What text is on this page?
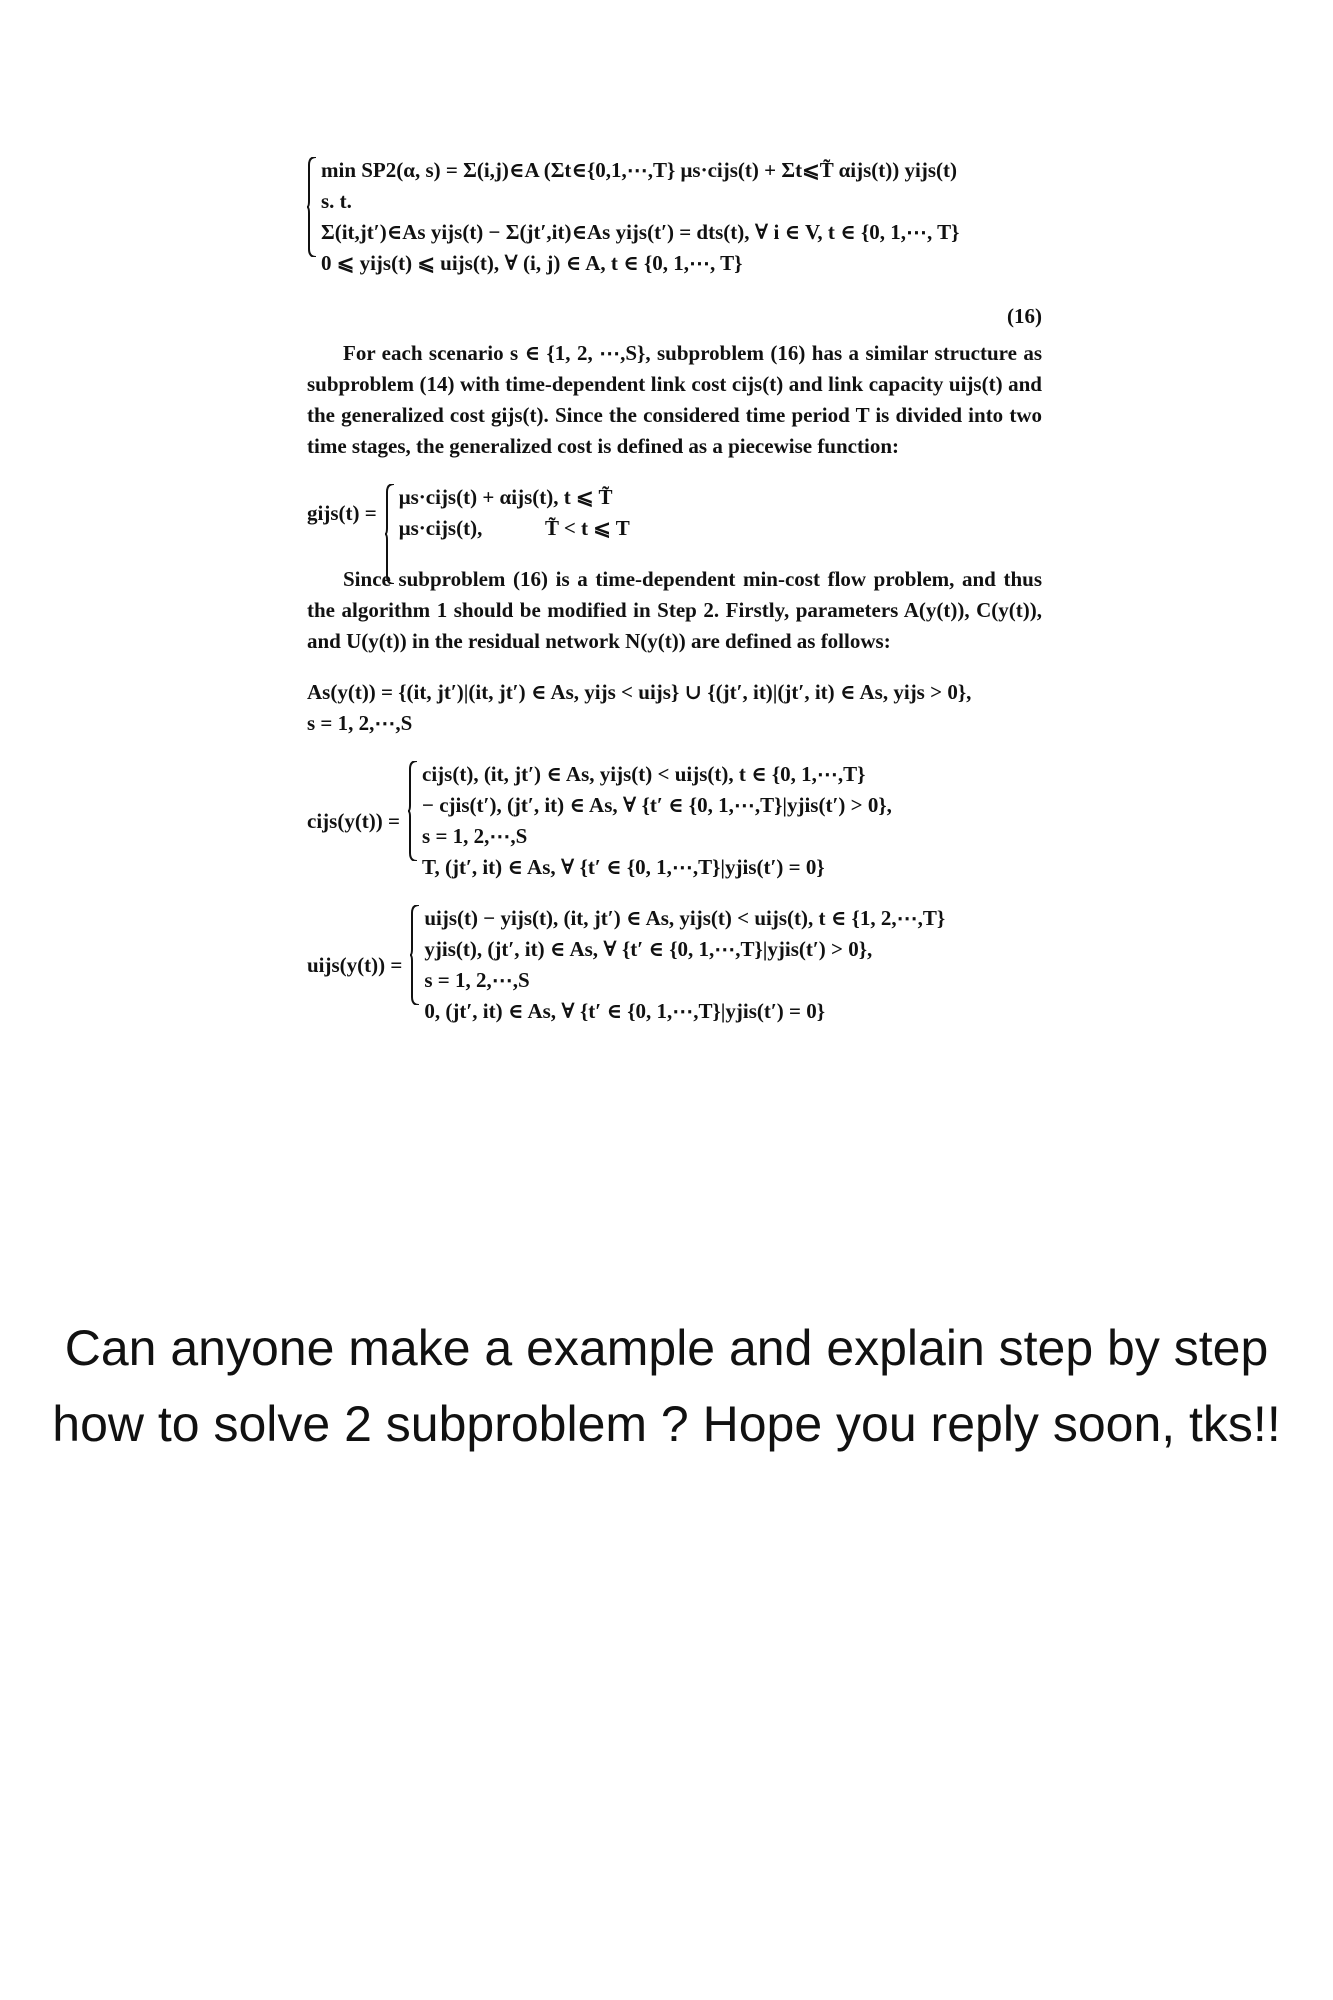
min SP2(α, s) = Σ(i,j)∈A (Σt∈{0,1,⋯,T} μs·cijs(t) + Σt⩽T̃ αijs(t)) yijs(t)
s. t.
Σ(it,jt′)∈As yijs(t) − Σ(jt′,it)∈As yijs(t′) = dts(t), ∀ i ∈ V, t ∈ {0, 1,⋯, T}
0 ⩽ yijs(t) ⩽ uijs(t), ∀ (i, j) ∈ A, t ∈ {0, 1,⋯, T}
(16)

For each scenario s ∈ {1, 2, ⋯,S}, subproblem (16) has a similar structure as subproblem (14) with time-dependent link cost cijs(t) and link capacity uijs(t) and the generalized cost gijs(t). Since the considered time period T is divided into two time stages, the generalized cost is defined as a piecewise function:

gijs(t) =
μs·cijs(t) + αijs(t), t ⩽ T̃
μs·cijs(t),            T̃ < t ⩽ T

Since subproblem (16) is a time-dependent min-cost flow problem, and thus the algorithm 1 should be modified in Step 2. Firstly, parameters A(y(t)), C(y(t)), and U(y(t)) in the residual network N(y(t)) are defined as follows:

As(y(t)) = {(it, jt′)|(it, jt′) ∈ As, yijs < uijs} ∪ {(jt′, it)|(jt′, it) ∈ As, yijs > 0},
s = 1, 2,⋯,S
cijs(y(t)) =
cijs(t), (it, jt′) ∈ As, yijs(t) < uijs(t), t ∈ {0, 1,⋯,T}
− cjis(t′), (jt′, it) ∈ As, ∀ {t′ ∈ {0, 1,⋯,T}|yjis(t′) > 0},
s = 1, 2,⋯,S
T, (jt′, it) ∈ As, ∀ {t′ ∈ {0, 1,⋯,T}|yjis(t′) = 0}
uijs(y(t)) =
uijs(t) − yijs(t), (it, jt′) ∈ As, yijs(t) < uijs(t), t ∈ {1, 2,⋯,T}
yjis(t), (jt′, it) ∈ As, ∀ {t′ ∈ {0, 1,⋯,T}|yjis(t′) > 0},
s = 1, 2,⋯,S
0, (jt′, it) ∈ As, ∀ {t′ ∈ {0, 1,⋯,T}|yjis(t′) = 0}
Can anyone make a example and explain step by step
how to solve 2 subproblem ? Hope you reply soon, tks!!
